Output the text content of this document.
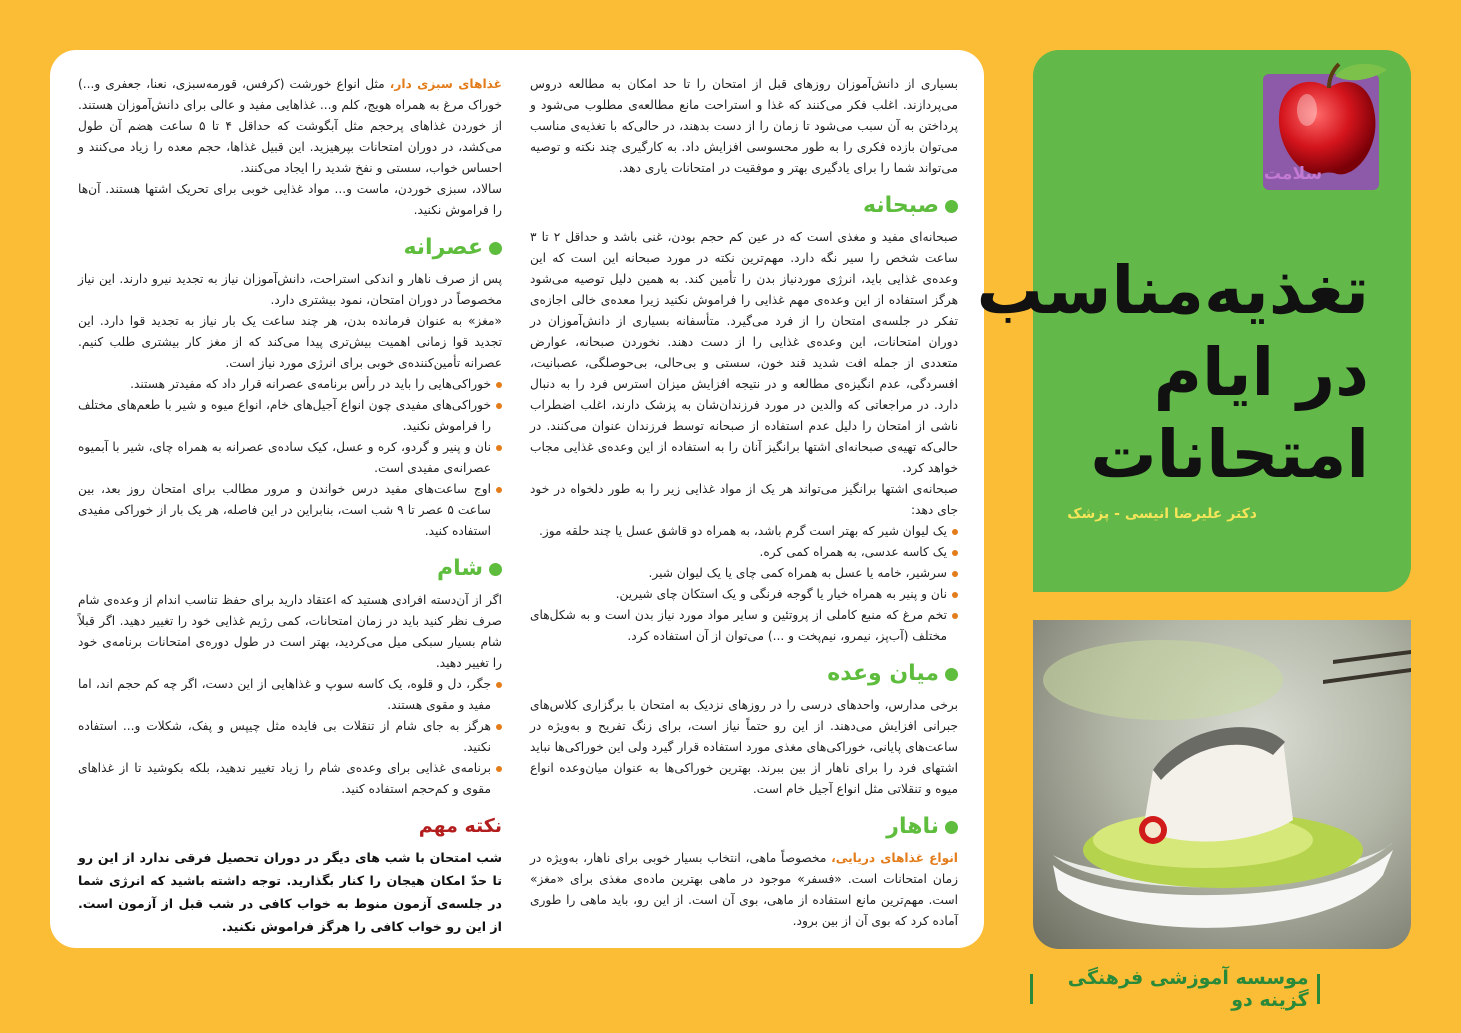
بسیاری از دانش‌آموزان روزهای قبل از امتحان را تا حد امکان به مطالعه دروس می‌پردازند. اغلب فکر می‌کنند که غذا و استراحت مانع مطالعه‌ی مطلوب می‌شود و پرداختن به آن سبب می‌شود تا زمان را از دست بدهند، در حالی‌که با تغذیه‌ی مناسب می‌توان بازده فکری را به طور محسوسی افزایش داد. به کارگیری چند نکته و توصیه می‌تواند شما را برای یادگیری بهتر و موفقیت در امتحانات یاری دهد.

صبحانه

صبحانه‌ای مفید و مغذی است که در عین کم حجم بودن، غنی باشد و حداقل ۲ تا ۳ ساعت شخص را سیر نگه دارد. مهم‌ترین نکته در مورد صبحانه این است که این وعده‌ی غذایی باید، انرژی موردنیاز بدن را تأمین کند. به همین دلیل توصیه می‌شود هرگز استفاده از این وعده‌ی مهم غذایی را فراموش نکنید زیرا معده‌ی خالی اجازه‌ی تفکر در جلسه‌ی امتحان را از فرد می‌گیرد. متأسفانه بسیاری از دانش‌آموزان در دوران امتحانات، این وعده‌ی غذایی را از دست دهند. نخوردن صبحانه، عوارض متعددی از جمله افت شدید قند خون، سستی و بی‌حالی، بی‌حوصلگی، عصبانیت، افسردگی، عدم انگیزه‌ی مطالعه و در نتیجه افزایش میزان استرس فرد را به دنبال دارد. در مراجعاتی که والدین در مورد فرزندان‌شان به پزشک دارند، اغلب اضطراب ناشی از امتحان را دلیل عدم استفاده از صبحانه توسط فرزندان عنوان می‌کنند. در حالی‌که تهیه‌ی صبحانه‌ای اشتها برانگیز آنان را به استفاده از این وعده‌ی غذایی مجاب خواهد کرد.

صبحانه‌ی اشتها برانگیز می‌تواند هر یک از مواد غذایی زیر را به طور دلخواه در خود جای دهد:

یک لیوان شیر که بهتر است گرم باشد، به همراه دو قاشق عسل یا چند حلقه موز.
یک کاسه عدسی، به همراه کمی کره.
سرشیر، خامه یا عسل به همراه کمی چای یا یک لیوان شیر.
نان و پنیر به همراه خیار یا گوجه فرنگی و یک استکان چای شیرین.
تخم مرغ که منبع کاملی از پروتئین و سایر مواد مورد نیاز بدن است و به شکل‌های مختلف (آب‌پز، نیمرو، نیم‌پخت و ...) می‌توان از آن استفاده کرد.
میان وعده

برخی مدارس، واحدهای درسی را در روزهای نزدیک به امتحان با برگزاری کلاس‌های جبرانی افزایش می‌دهند. از این رو حتماً نیاز است، برای زنگ تفریح و به‌ویژه در ساعت‌های پایانی، خوراکی‌های مغذی مورد استفاده قرار گیرد ولی این خوراکی‌ها نباید اشتهای فرد را برای ناهار از بین ببرند. بهترین خوراکی‌ها به عنوان میان‌وعده انواع میوه و تنقلاتی مثل انواع آجیل خام است.

ناهار

انواع غذاهای دریایی، مخصوصاً ماهی، انتخاب بسیار خوبی برای ناهار، به‌ویژه در زمان امتحانات است. «فسفر» موجود در ماهی بهترین ماده‌ی مغذی برای «مغز» است. مهم‌ترین مانع استفاده از ماهی، بوی آن است. از این رو، باید ماهی را طوری آماده کرد که بوی آن از بین برود.

غذاهای سبزی دار، مثل انواع خورشت (کرفس، قورمه‌سبزی، نعنا، جعفری و...) خوراک مرغ به همراه هویج، کلم و... غذاهایی مفید و عالی برای دانش‌آموزان هستند. از خوردن غذاهای پرحجم مثل آبگوشت که حداقل ۴ تا ۵ ساعت هضم آن طول می‌کشد، در دوران امتحانات بپرهیزید. این قبیل غذاها، حجم معده را زیاد می‌کنند و احساس خواب، سستی و نفخ شدید را ایجاد می‌کنند.

سالاد، سبزی خوردن، ماست و... مواد غذایی خوبی برای تحریک اشتها هستند. آن‌ها را فراموش نکنید.

عصرانه

پس از صرف ناهار و اندکی استراحت، دانش‌آموزان نیاز به تجدید نیرو دارند. این نیاز مخصوصاً در دوران امتحان، نمود بیشتری دارد.

«مغز» به عنوان فرمانده بدن، هر چند ساعت یک بار نیاز به تجدید قوا دارد. این تجدید قوا زمانی اهمیت بیش‌تری پیدا می‌کند که از مغز کار بیشتری طلب کنیم. عصرانه تأمین‌کننده‌ی خوبی برای انرژی مورد نیاز است.

خوراکی‌هایی را باید در رأس برنامه‌ی عصرانه قرار داد که مفیدتر هستند.
خوراکی‌های مفیدی چون انواع آجیل‌های خام، انواع میوه و شیر با طعم‌های مختلف را فراموش نکنید.
نان و پنیر و گردو، کره و عسل، کیک ساده‌ی عصرانه به همراه چای، شیر با آبمیوه عصرانه‌ی مفیدی است.
اوج ساعت‌های مفید درس خواندن و مرور مطالب برای امتحان روز بعد، بین ساعت ۵ عصر تا ۹ شب است، بنابراین در این فاصله، هر یک بار از خوراکی مفیدی استفاده کنید.
شام

اگر از آن‌دسته افرادی هستید که اعتقاد دارید برای حفظ تناسب اندام از وعده‌ی شام صرف نظر کنید باید در زمان امتحانات، کمی رژیم غذایی خود را تغییر دهید. اگر قبلاً شام بسیار سبکی میل می‌کردید، بهتر است در طول دوره‌ی امتحانات برنامه‌ی خود را تغییر دهید.

جگر، دل و قلوه، یک کاسه سوپ و غذاهایی از این دست، اگر چه کم حجم اند، اما مفید و مقوی هستند.
هرگز به جای شام از تنقلات بی فایده مثل چیپس و پفک، شکلات و... استفاده نکنید.
برنامه‌ی غذایی برای وعده‌ی شام را زیاد تغییر ندهید، بلکه بکوشید تا از غذاهای مقوی و کم‌حجم استفاده کنید.
نکته مهم

شب امتحان با شب های دیگر در دوران تحصیل فرقی ندارد از این رو تا حدّ امکان هیجان را کنار بگذارید. توجه داشته باشید که انرژی شما در جلسه‌ی آزمون منوط به خواب کافی در شب قبل از آزمون است. از این رو خواب کافی را هرگز فراموش نکنید.

سلامت
تغذیه‌مناسب
در ایام
امتحانات
دکتر علیرضا انیسی - پزشک
موسسه آموزشی فرهنگی گزینه دو
